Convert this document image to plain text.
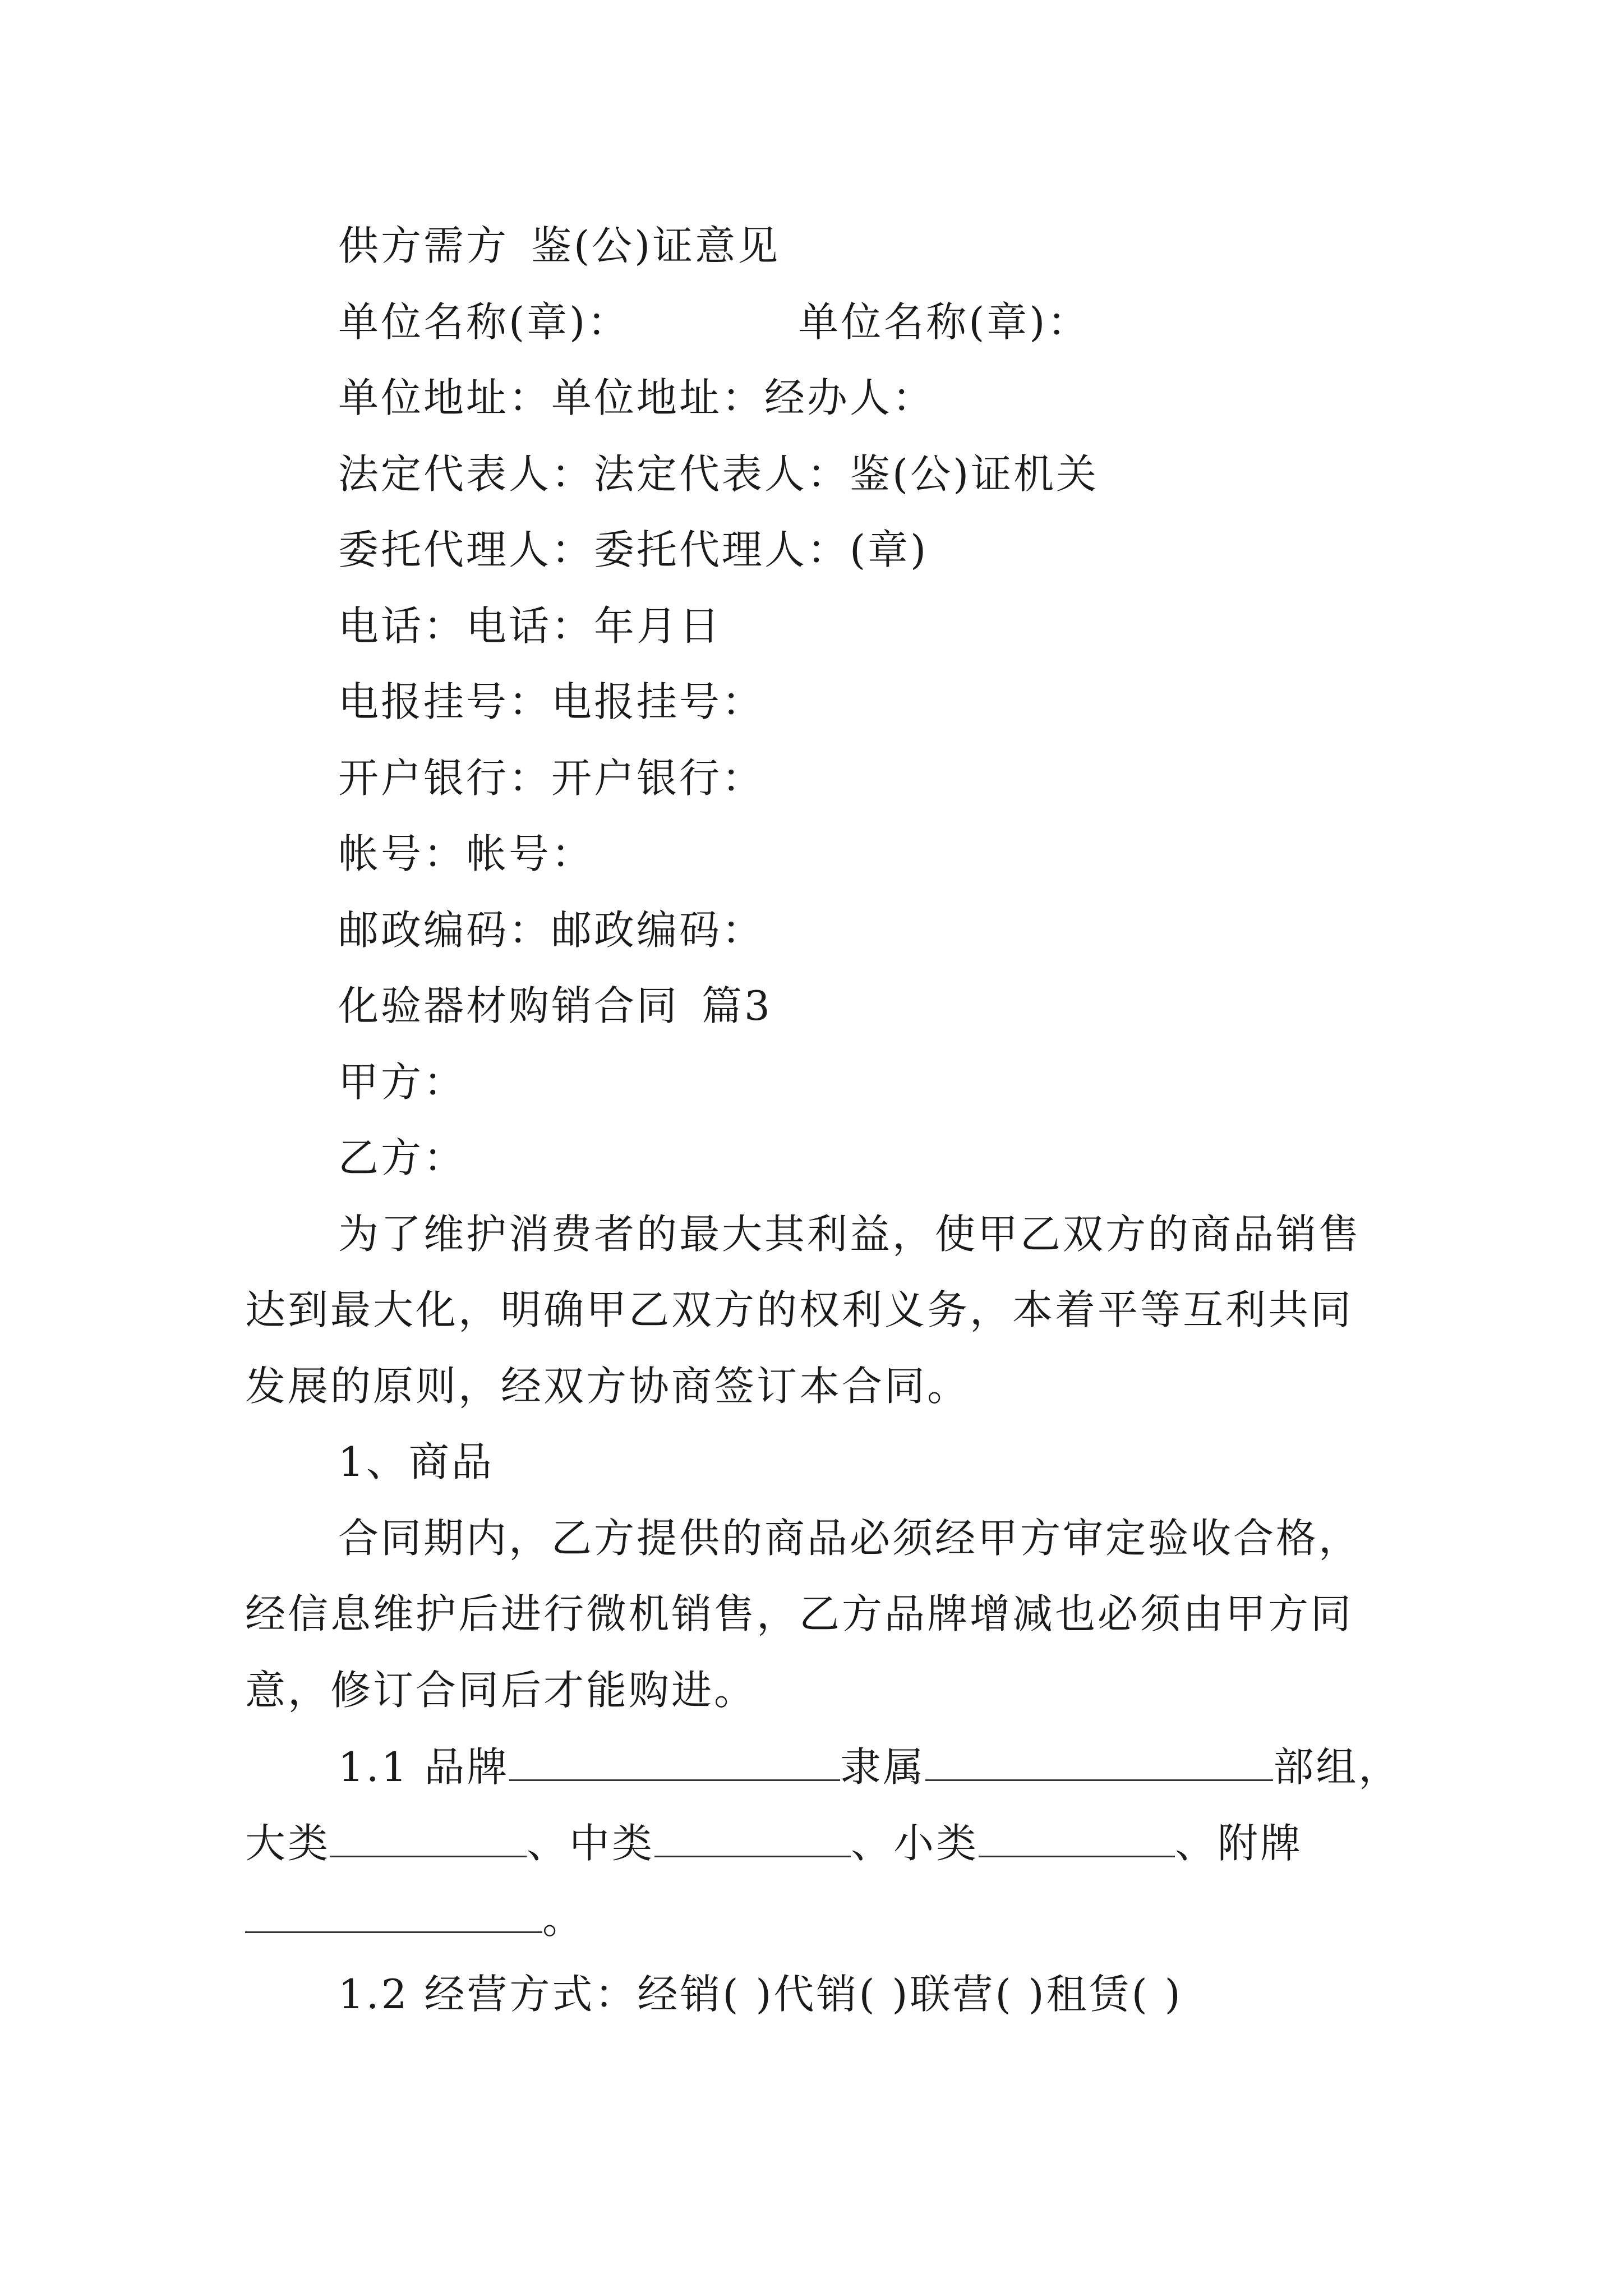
供方需方 鉴(公)证意见
单位名称(章)：	单位名称(章)：
单位地址：单位地址：经办人：
法定代表人：法定代表人：鉴(公)证机关
委托代理人：委托代理人：(章)
电话：电话：年月日
电报挂号：电报挂号：
开户银行：开户银行：
帐号：帐号：
邮政编码：邮政编码：
化验器材购销合同 篇3
甲方：
乙方：
为了维护消费者的最大其利益，使甲乙双方的商品销售
达到最大化，明确甲乙双方的权利义务，本着平等互利共同
发展的原则，经双方协商签订本合同。
1、商品
合同期内，乙方提供的商品必须经甲方审定验收合格，
经信息维护后进行微机销售，乙方品牌增减也必须由甲方同
意，修订合同后才能购进。
1.1 品牌	隶属	部组，
大类	、中类	、小类	、附牌
。
1.2 经营方式：经销( )代销( )联营( )租赁( )
